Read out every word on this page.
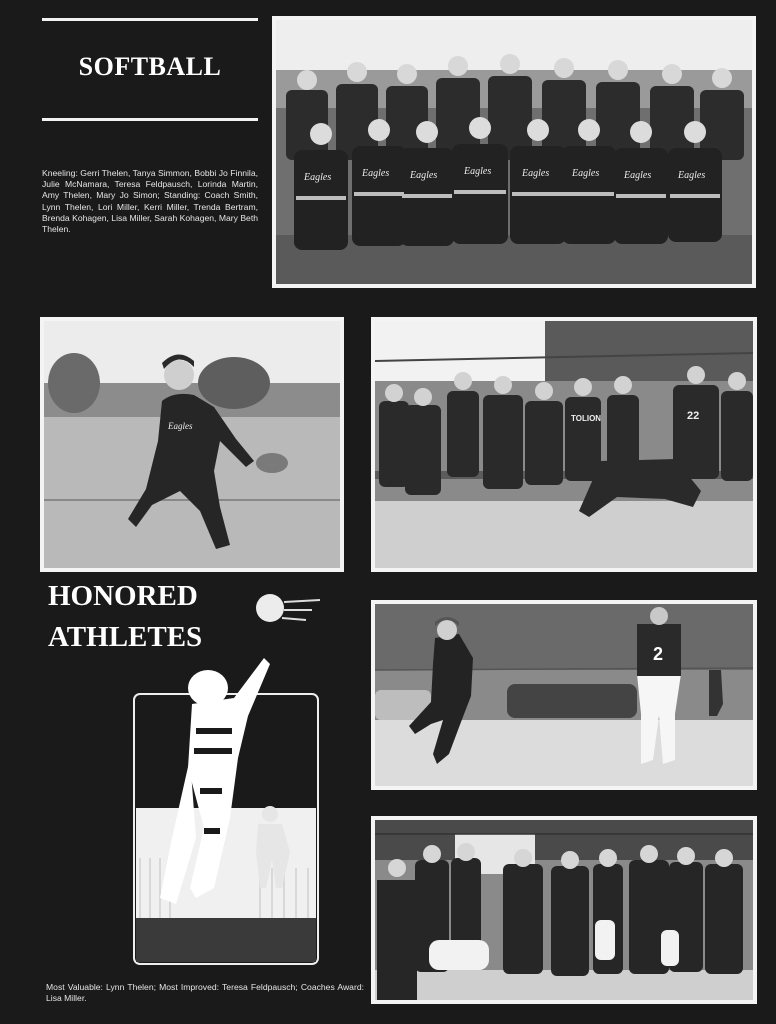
SOFTBALL
Kneeling: Gerri Thelen, Tanya Simmon, Bobbi Jo Finnila, Julie McNamara, Teresa Feldpausch, Lorinda Martin, Amy Thelen, Mary Jo Simon; Standing: Coach Smith, Lynn Thelen, Lori Miller, Kerri Miller, Trenda Bertram, Brenda Kohagen, Lisa Miller, Sarah Kohagen, Mary Beth Thelen.
Eagles	Eagles Eagles	Eagles	Eagles Eagles Eagles	Eagles
Eagles
TOLION	22
HONORED
ATHLETES
Most Valuable: Lynn Thelen; Most Improved: Teresa Feldpausch; Coaches Award: Lisa Miller.
2
